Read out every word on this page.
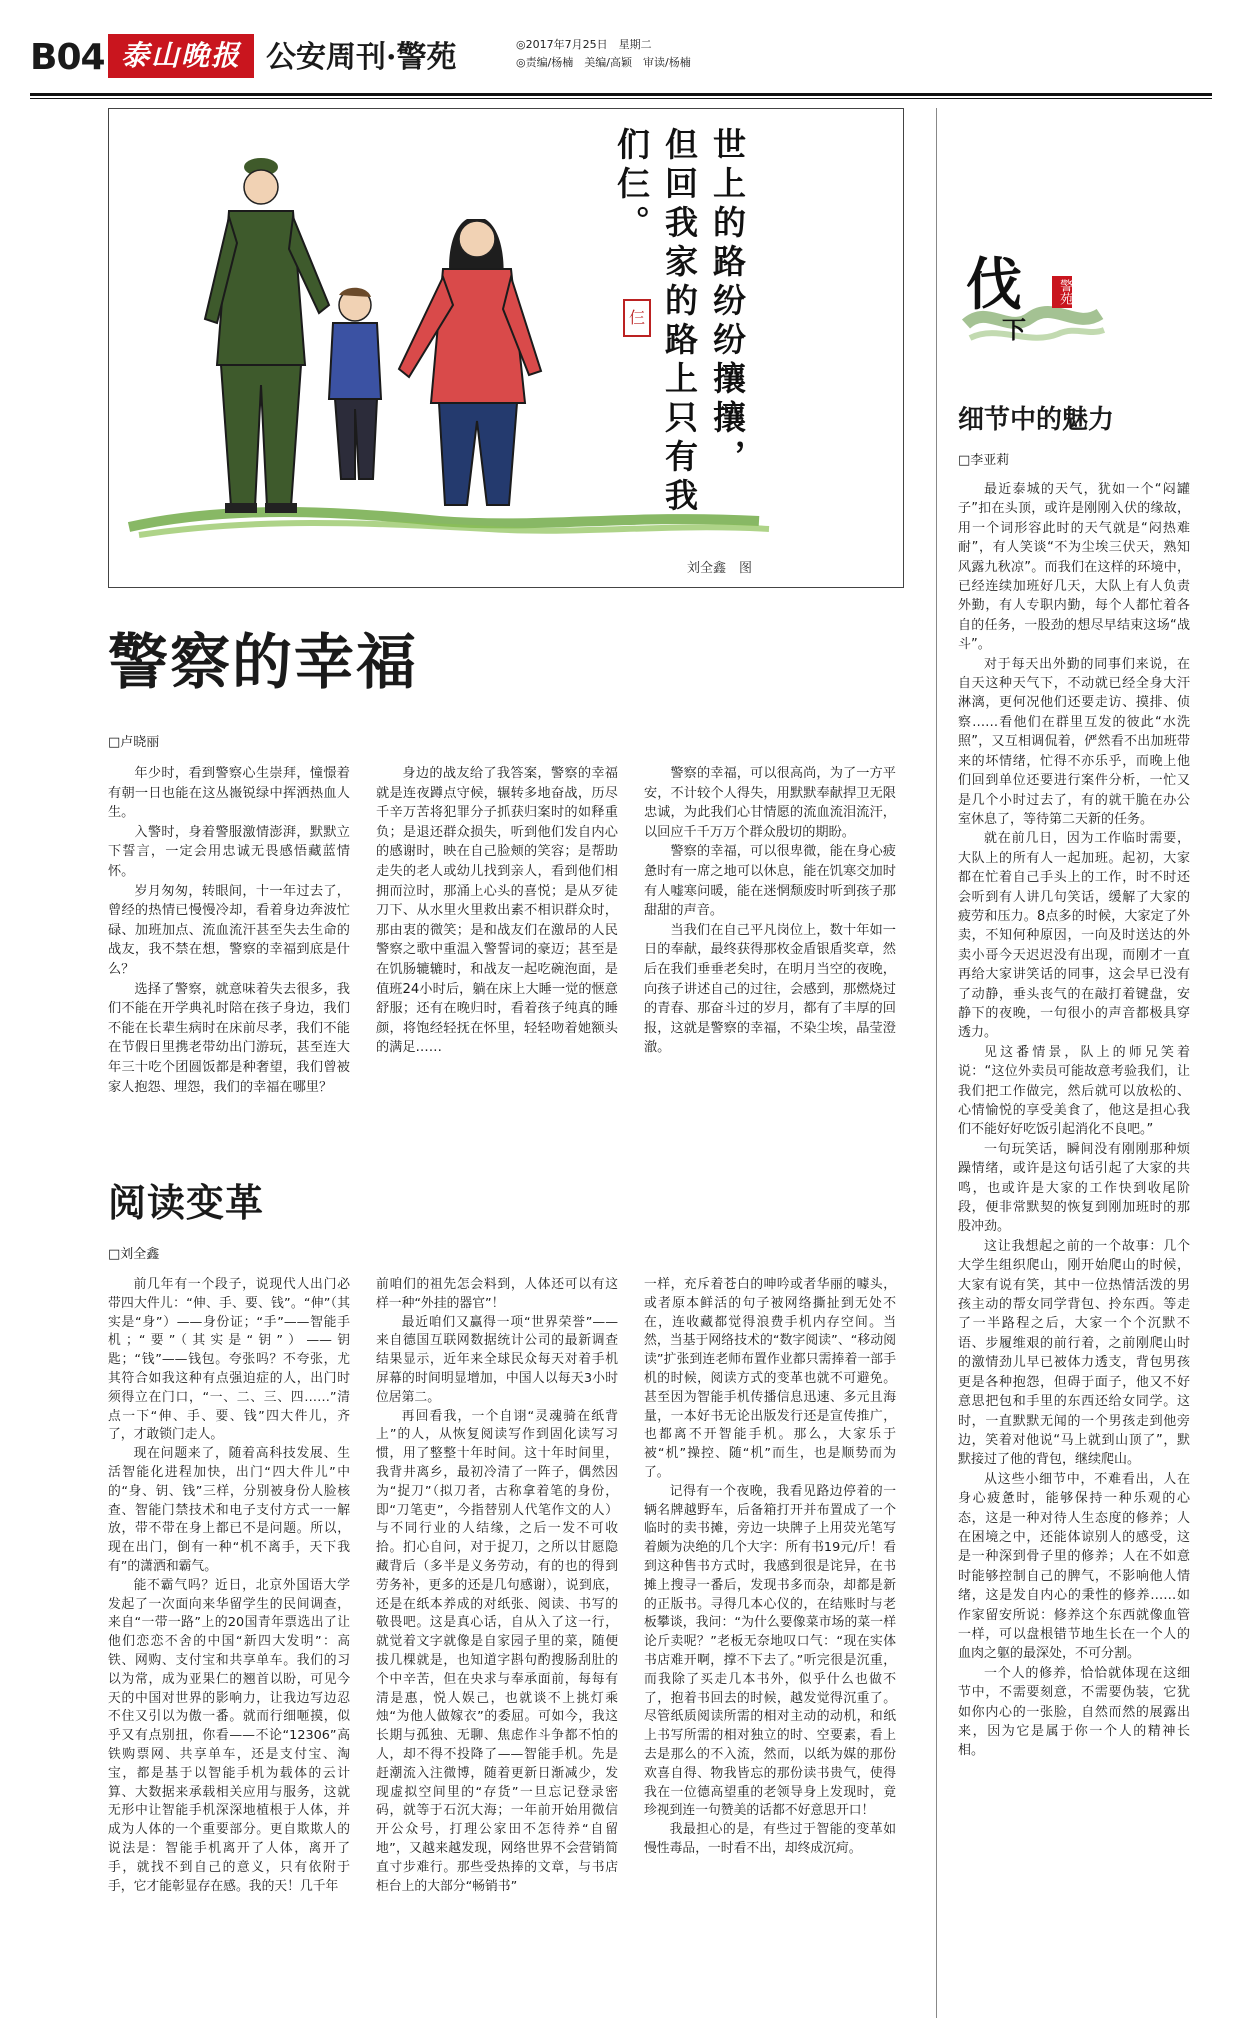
B04 泰山晚报 公安周刊·警苑	◎2017年7月25日　星期二
◎责编/杨楠　美编/高颖　审读/杨楠
世上的路纷纷攘攘，
但回我家的路上只有我
们仨。
仨
刘全鑫　图
警察的幸福
□卢晓丽

年少时，看到警察心生崇拜，憧憬着有朝一日也能在这丛嶶锐绿中挥洒热血人生。

入警时，身着警服激情澎湃，默默立下誓言，一定会用忠诚无畏感悟藏蓝情怀。

岁月匆匆，转眼间，十一年过去了，曾经的热情已慢慢冷却，看着身边奔波忙碌、加班加点、流血流汗甚至失去生命的战友，我不禁在想，警察的幸福到底是什么？

选择了警察，就意味着失去很多，我们不能在开学典礼时陪在孩子身边，我们不能在长辈生病时在床前尽孝，我们不能在节假日里携老带幼出门游玩，甚至连大年三十吃个团圆饭都是种奢望，我们曾被家人抱怨、埋怨，我们的幸福在哪里？

身边的战友给了我答案，警察的幸福就是连夜蹲点守候，辗转多地奋战，历尽千辛万苦将犯罪分子抓获归案时的如释重负；是退还群众损失，听到他们发自内心的感谢时，映在自己脸颊的笑容；是帮助走失的老人或幼儿找到亲人，看到他们相拥而泣时，那涌上心头的喜悦；是从歹徒刀下、从水里火里救出素不相识群众时，那由衷的微笑；是和战友们在激昂的人民警察之歌中重温入警誓词的豪迈；甚至是在饥肠辘辘时，和战友一起吃碗泡面，是值班24小时后，躺在床上大睡一觉的惬意舒服；还有在晚归时，看着孩子纯真的睡颜，将饱经轻抚在怀里，轻轻吻着她额头的满足……

警察的幸福，可以很高尚，为了一方平安，不计较个人得失，用默默奉献捍卫无限忠诚，为此我们心甘情愿的流血流泪流汗，以回应千千万万个群众殷切的期盼。

警察的幸福，可以很卑微，能在身心疲惫时有一席之地可以休息，能在饥寒交加时有人嘘寒问暖，能在迷惘颓废时听到孩子那甜甜的声音。

当我们在自己平凡岗位上，数十年如一日的奉献，最终获得那枚金盾银盾奖章，然后在我们垂垂老矣时，在明月当空的夜晚，向孩子讲述自己的过往，会感到，那燃烧过的青春、那奋斗过的岁月，都有了丰厚的回报，这就是警察的幸福，不染尘埃，晶莹澄澈。

阅读变革
□刘全鑫

前几年有一个段子，说现代人出门必带四大件儿：“伸、手、要、钱”。“伸”（其实是“身”）——身份证；“手”——智能手机；“要”（其实是“钥”）——钥匙；“钱”——钱包。夸张吗？不夸张，尤其符合如我这种有点强迫症的人，出门时须得立在门口，“一、二、三、四……”清点一下“伸、手、要、钱”四大件儿，齐了，才敢锁门走人。

现在问题来了，随着高科技发展、生活智能化进程加快，出门“四大件儿”中的“身、钥、钱”三样，分别被身份人脸核查、智能门禁技术和电子支付方式一一解放，带不带在身上都已不是问题。所以，现在出门，倒有一种“机不离手，天下我有”的潇洒和霸气。

能不霸气吗？近日，北京外国语大学发起了一次面向来华留学生的民间调查，来自“一带一路”上的20国青年票选出了让他们恋恋不舍的中国“新四大发明”：高铁、网购、支付宝和共享单车。我们的习以为常，成为亚果仁的翘首以盼，可见今天的中国对世界的影响力，让我边写边忍不住又引以为傲一番。就而行细咂摸，似乎又有点别扭，你看——不论“12306”高铁购票网、共享单车，还是支付宝、淘宝，都是基于以智能手机为载体的云计算、大数据来承载相关应用与服务，这就无形中让智能手机深深地植根于人体，并成为人体的一个重要部分。更自欺欺人的说法是：智能手机离开了人体，离开了手，就找不到自己的意义，只有依附于手，它才能彰显存在感。我的天！几千年

前咱们的祖先怎会料到，人体还可以有这样一种“外挂的器官”！

最近咱们又赢得一项“世界荣誉”——来自德国互联网数据统计公司的最新调查结果显示，近年来全球民众每天对着手机屏幕的时间明显增加，中国人以每天3小时位居第二。

再回看我，一个自诩“灵魂骑在纸背上”的人，从恢复阅读写作到固化读写习惯，用了整整十年时间。这十年时间里，我背井离乡，最初冷清了一阵子，偶然因为“捉刀”（拟刀者，古称拿着笔的身份，即“刀笔吏”，今指替别人代笔作文的人）与不同行业的人结缘，之后一发不可收拾。扪心自问，对于捉刀，之所以甘愿隐藏背后（多半是义务劳动，有的也的得到劳务补，更多的还是几句感谢），说到底，还是在纸本养成的对纸张、阅读、书写的敬畏吧。这是真心话，自从入了这一行，就觉着文字就像是自家园子里的菜，随便拔几棵就是，也知道字斟句酌搜肠刮肚的个中辛苦，但在央求与奉承面前，每每有清是惠，悦人娱己，也就谈不上挑灯乘烛“为他人做嫁衣”的委屈。可如今，我这长期与孤独、无聊、焦虑作斗争都不怕的人，却不得不投降了——智能手机。先是赶潮流入注微博，随着更新日渐减少，发现虚拟空间里的“存货”一旦忘记登录密码，就等于石沉大海；一年前开始用微信开公众号，打理公家田不怎待养“自留地”，又越来越发现，网络世界不会营销简直寸步难行。那些受热捧的文章，与书店柜台上的大部分“畅销书”

一样，充斥着苍白的呻吟或者华丽的噱头，或者原本鲜活的句子被网络撕扯到无处不在，连收藏都觉得浪费手机内存空间。当然，当基于网络技术的“数字阅读”、“移动阅读”扩张到连老师布置作业都只需捧着一部手机的时候，阅读方式的变革也就不可避免。甚至因为智能手机传播信息迅速、多元且海量，一本好书无论出版发行还是宣传推广，也都离不开智能手机。那么，大家乐于被“机”操控、随“机”而生，也是顺势而为了。

记得有一个夜晚，我看见路边停着的一辆名牌越野车，后备箱打开并布置成了一个临时的卖书摊，旁边一块牌子上用荧光笔写着颇为决绝的几个大字：所有书19元/斤！看到这种售书方式时，我感到很是诧异，在书摊上搜寻一番后，发现书多而杂，却都是新的正版书。寻得几本心仪的，在结账时与老板攀谈，我问：“为什么要像菜市场的菜一样论斤卖呢？”老板无奈地叹口气：“现在实体书店难开啊，撑不下去了。”听完很是沉重，而我除了买走几本书外，似乎什么也做不了，抱着书回去的时候，越发觉得沉重了。尽管纸质阅读所需的相对主动的动机，和纸上书写所需的相对独立的时、空要素，看上去是那么的不入流，然而，以纸为媒的那份欢喜自得、物我皆忘的那份读书贵气，使得我在一位德高望重的老领导身上发现时，竟珍视到连一句赞美的话都不好意思开口！

我最担心的是，有些过于智能的变革如慢性毒品，一时看不出，却终成沉疴。

伐
下
警苑
细节中的魅力
□李亚莉

最近泰城的天气，犹如一个“闷罐子”扣在头顶，或许是刚刚入伏的缘故，用一个词形容此时的天气就是“闷热难耐”，有人笑谈“不为尘埃三伏天，熟知风露九秋凉”。而我们在这样的环境中，已经连续加班好几天，大队上有人负责外勤，有人专职内勤，每个人都忙着各自的任务，一股劲的想尽早结束这场“战斗”。

对于每天出外勤的同事们来说，在自天这种天气下，不动就已经全身大汗淋漓，更何况他们还要走访、摸排、侦察……看他们在群里互发的彼此“水洗照”，又互相调侃着，俨然看不出加班带来的坏情绪，忙得不亦乐乎，而晚上他们回到单位还要进行案件分析，一忙又是几个小时过去了，有的就干脆在办公室休息了，等待第二天新的任务。

就在前几日，因为工作临时需要，大队上的所有人一起加班。起初，大家都在忙着自己手头上的工作，时不时还会听到有人讲几句笑话，缓解了大家的疲劳和压力。8点多的时候，大家定了外卖，不知何种原因，一向及时送达的外卖小哥今天迟迟没有出现，而刚才一直再给大家讲笑话的同事，这会早已没有了动静，垂头丧气的在敲打着键盘，安静下的夜晚，一句很小的声音都极具穿透力。

见这番情景，队上的师兄笑着说：“这位外卖员可能故意考验我们，让我们把工作做完，然后就可以放松的、心情愉悦的享受美食了，他这是担心我们不能好好吃饭引起消化不良吧。”

一句玩笑话，瞬间没有刚刚那种烦躁情绪，或许是这句话引起了大家的共鸣，也或许是大家的工作快到收尾阶段，便非常默契的恢复到刚加班时的那股冲劲。

这让我想起之前的一个故事：几个大学生组织爬山，刚开始爬山的时候，大家有说有笑，其中一位热情活泼的男孩主动的帮女同学背包、拎东西。等走了一半路程之后，大家一个个沉默不语、步履维艰的前行着，之前刚爬山时的激情劲儿早已被体力透支，背包男孩更是各种抱怨，但碍于面子，他又不好意思把包和手里的东西还给女同学。这时，一直默默无闻的一个男孩走到他旁边，笑着对他说“马上就到山顶了”，默默接过了他的背包，继续爬山。

从这些小细节中，不难看出，人在身心疲惫时，能够保持一种乐观的心态，这是一种对待人生态度的修养；人在困境之中，还能体谅别人的感受，这是一种深到骨子里的修养；人在不如意时能够控制自己的脾气，不影响他人情绪，这是发自内心的秉性的修养……如作家留安所说：修养这个东西就像血管一样，可以盘根错节地生长在一个人的血肉之躯的最深处，不可分割。

一个人的修养，恰恰就体现在这细节中，不需要刻意，不需要伪装，它犹如你内心的一张脸，自然而然的展露出来，因为它是属于你一个人的精神长相。
